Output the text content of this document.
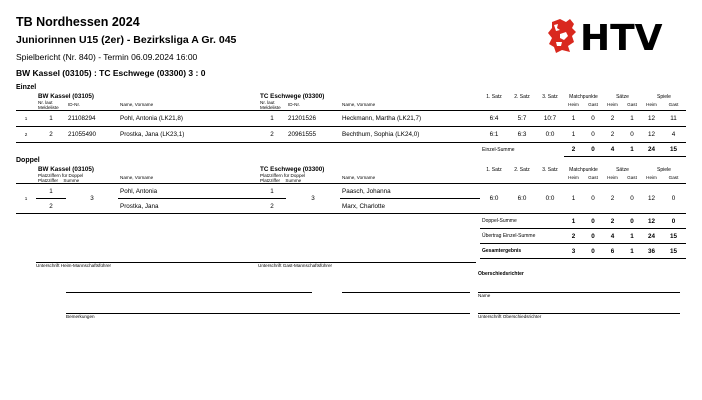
TB Nordhessen 2024
Juniorinnen U15 (2er) - Bezirksliga A Gr. 045
Spielbericht (Nr. 840) - Termin 06.09.2024 16:00
BW Kassel (03105) : TC Eschwege (03300) 3 : 0
HTV
Einzel
	BW Kassel (03105)			TC Eschwege (03300)			1. Satz	2. Satz	3. Satz	Matchpunkte		Sätze		Spiele	
	Nr. laut Meldeliste	ID-Nr.	Name, Vorname	Nr. laut Meldeliste	ID-Nr.	Name, Vorname				Heim	Gast	Heim	Gast	Heim	Gast
1	1	21108294	Pohl, Antonia (LK21,8)	1	21201526	Heckmann, Martha (LK21,7)	6:4	5:7	10:7	1	0	2	1	12	11
2	2	21055490	Prostka, Jana (LK23,1)	2	20961555	Bechthum, Sophia (LK24,0)	6:1	6:3	0:0	1	0	2	0	12	4
							Einzel-Summe			2	0	4	1	24	15
Doppel
	BW Kassel (03105)			TC Eschwege (03300)			1. Satz	2. Satz	3. Satz	Matchpunkte		Sätze		Spiele	

	Platzziffern für Doppel
Platzziffer Summe		Name, Vorname	Platzziffern für Doppel
Platzziffer Summe		Name, Vorname				Heim	Gast	Heim	Gast	Heim	Gast
1	1	3	Pohl, Antonia	1	3	Paasch, Johanna	6:0	6:0	0:0	1	0	2	0	12	0
	2		Prostka, Jana	2		Marx, Charlotte									
							Doppel-Summe			1	0	2	0	12	0
							Übertrag Einzel-Summe			2	0	4	1	24	15
							Gesamtergebnis			3	0	6	1	36	15
Unterschrift Heim-Mannschaftsführer	Unterschrift Gast-Mannschaftsführer
Oberschiedsrichter
Name
Bemerkungen	Unterschrift Oberschiedsrichter
